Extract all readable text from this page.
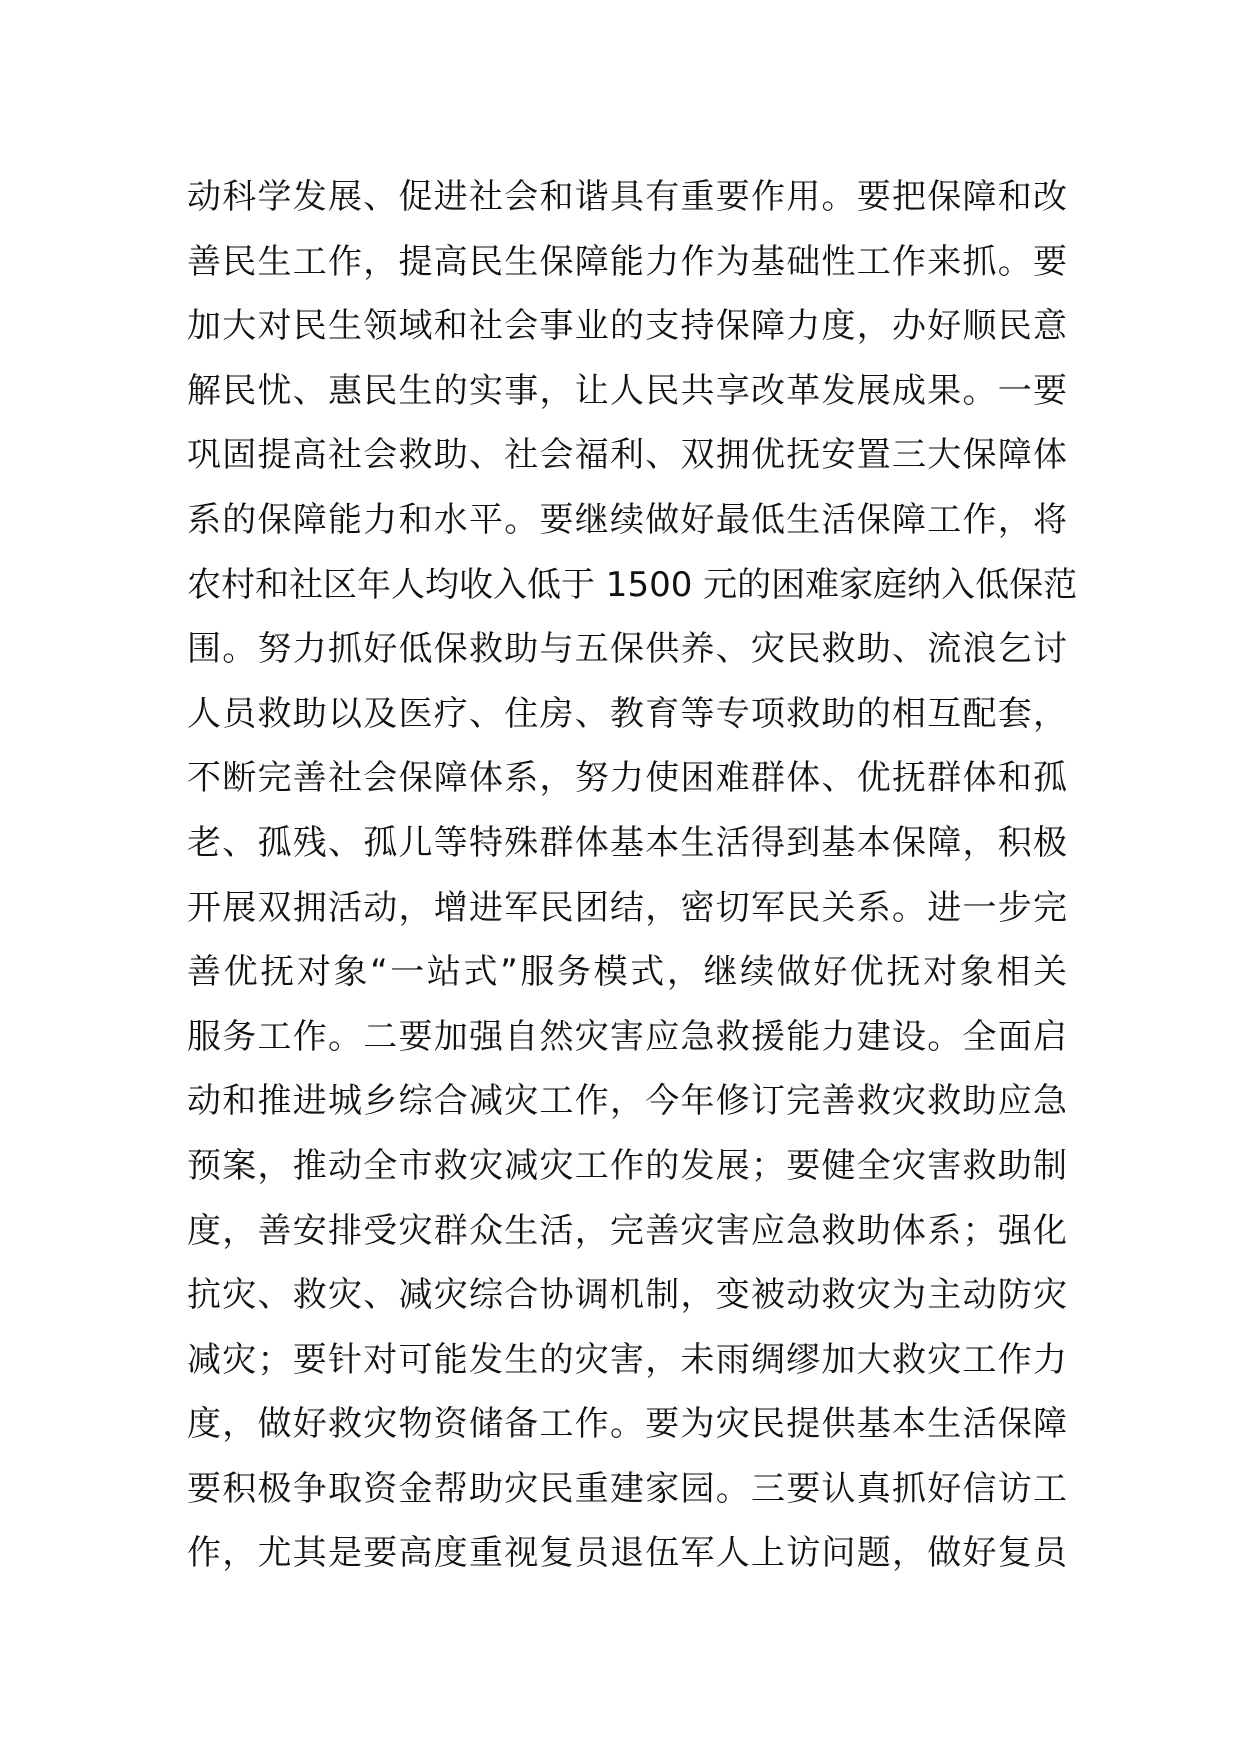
动科学发展、促进社会和谐具有重要作用。要把保障和改
善民生工作，提高民生保障能力作为基础性工作来抓。要
加大对民生领域和社会事业的支持保障力度，办好顺民意
解民忧、惠民生的实事，让人民共享改革发展成果。一要
巩固提高社会救助、社会福利、双拥优抚安置三大保障体
系的保障能力和水平。要继续做好最低生活保障工作，将
农村和社区年人均收入低于 1500 元的困难家庭纳入低保范
围。努力抓好低保救助与五保供养、灾民救助、流浪乞讨
人员救助以及医疗、住房、教育等专项救助的相互配套，
不断完善社会保障体系，努力使困难群体、优抚群体和孤
老、孤残、孤儿等特殊群体基本生活得到基本保障，积极
开展双拥活动，增进军民团结，密切军民关系。进一步完
善优抚对象“一站式”服务模式，继续做好优抚对象相关
服务工作。二要加强自然灾害应急救援能力建设。全面启
动和推进城乡综合减灾工作，今年修订完善救灾救助应急
预案，推动全市救灾减灾工作的发展；要健全灾害救助制
度，善安排受灾群众生活，完善灾害应急救助体系；强化
抗灾、救灾、减灾综合协调机制，变被动救灾为主动防灾
减灾；要针对可能发生的灾害，未雨绸缪加大救灾工作力
度，做好救灾物资储备工作。要为灾民提供基本生活保障
要积极争取资金帮助灾民重建家园。三要认真抓好信访工
作，尤其是要高度重视复员退伍军人上访问题，做好复员
